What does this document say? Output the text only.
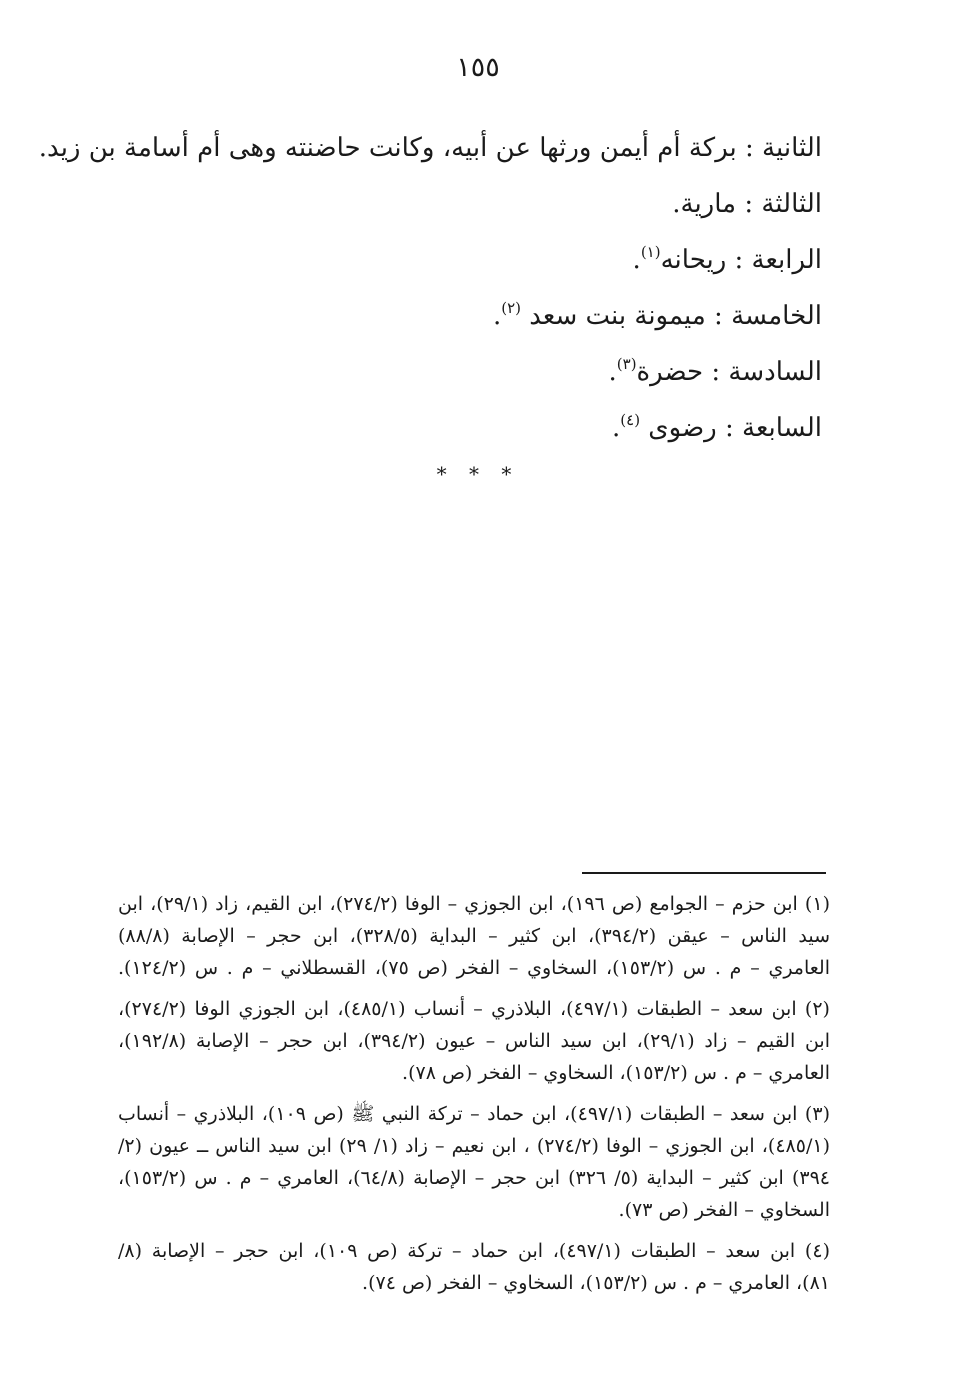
١٥٥
الثانية : بركة أم أيمن ورثها عن أبيه، وكانت حاضنته وهى أم أسامة بن زيد.
الثالثة : مارية.
الرابعة : ريحانه$^{(١)}$.
الخامسة : ميمونة بنت سعد $^{(٢)}$.
السادسة : حضرة$^{(٣)}$.
السابعة : رضوى $^{(٤)}$.
* * *
(١) ابن حزم – الجوامع (ص ١٩٦)، ابن الجوزي – الوفا (٢٧٤/٢)، ابن القيم، زاد (٢٩/١)، ابن
سيد الناس – عيقن (٣٩٤/٢)، ابن كثير – البداية (٣٢٨/٥)، ابن حجر – الإصابة (٨٨/٨)
العامري – م . س (١٥٣/٢)، السخاوي – الفخر (ص ٧٥)، القسطلاني – م . س (١٢٤/٢).
(٢) ابن سعد – الطبقات (٤٩٧/١)، البلاذري – أنساب (٤٨٥/١)، ابن الجوزي الوفا (٢٧٤/٢)،
ابن القيم – زاد (٢٩/١)، ابن سيد الناس – عيون (٣٩٤/٢)، ابن حجر – الإصابة (١٩٢/٨)،
العامري – م . س (١٥٣/٢)، السخاوي – الفخر (ص ٧٨).
(٣) ابن سعد – الطبقات (٤٩٧/١)، ابن حماد – تركة النبي ﷺ (ص ١٠٩)، البلاذري – أنساب
(٤٨٥/١)، ابن الجوزي – الوفا (٢٧٤/٢) ، ابن نعيم – زاد (١/ ٢٩) ابن سيد الناس ــ عيون (٢/
٣٩٤) ابن كثير – البداية (٥/ ٣٢٦) ابن حجر – الإصابة (٦٤/٨)، العامري – م . س (١٥٣/٢)،
السخاوي – الفخر (ص ٧٣).
(٤) ابن سعد – الطبقات (٤٩٧/١)، ابن حماد – تركة (ص ١٠٩)، ابن حجر – الإصابة (٨/
٨١)، العامري – م . س (١٥٣/٢)، السخاوي – الفخر (ص ٧٤).
